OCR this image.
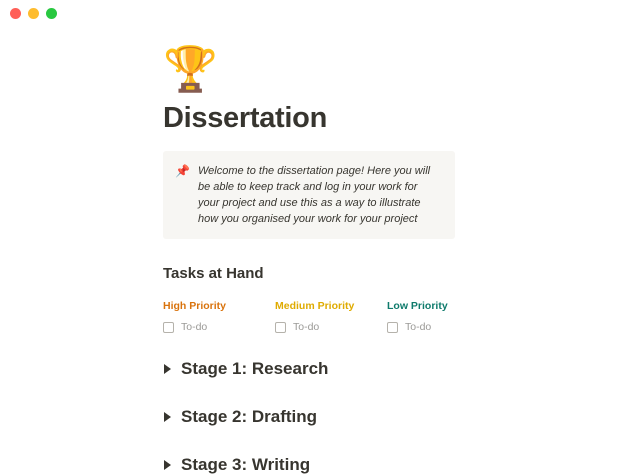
🏆
Dissertation
📌 Welcome to the dissertation page! Here you will be able to keep track and log in your work for your project and use this as a way to illustrate how you organised your work for your project
Tasks at Hand
High Priority
To-do
Medium Priority
To-do
Low Priority
To-do
Stage 1: Research
Stage 2: Drafting
Stage 3: Writing
